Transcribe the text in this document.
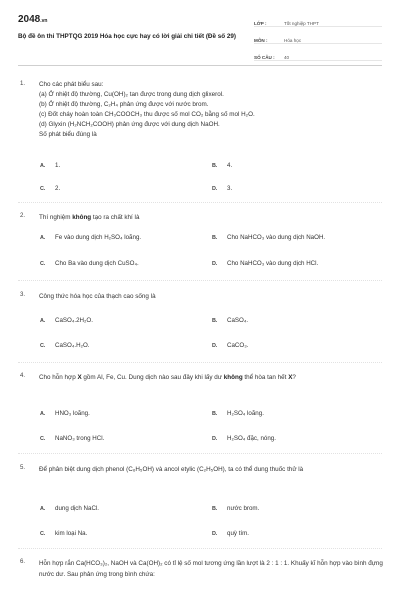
2048.vn
Bộ đề ôn thi THPTQG 2019 Hóa học cực hay có lời giải chi tiết (Đề số 29)
LỚP :	Tốt nghiệp THPT
MÔN :	Hóa học
SỐ CÂU :	40
1. Cho các phát biểu sau:
(a) Ở nhiệt độ thường, Cu(OH)₂ tan được trong dung dịch glixerol.
(b) Ở nhiệt độ thường, C₂H₄ phản ứng được với nước brom.
(c) Đốt cháy hoàn toàn CH₃COOCH₃ thu được số mol CO₂ bằng số mol H₂O.
(d) Glyxin (H₂NCH₂COOH) phản ứng được với dung dịch NaOH.
Số phát biểu đúng là
A. 1.	B. 4.
C. 2.	D. 3.
2. Thí nghiệm không tạo ra chất khí là
A. Fe vào dung dịch H₂SO₄ loãng.	B. Cho NaHCO₃ vào dung dịch NaOH.
C. Cho Ba vào dung dịch CuSO₄.	D. Cho NaHCO₃ vào dung dịch HCl.
3. Công thức hóa học của thạch cao sống là
A. CaSO₄.2H₂O.	B. CaSO₄.
C. CaSO₄.H₂O.	D. CaCO₃.
4. Cho hỗn hợp X gồm Al, Fe, Cu. Dung dịch nào sau đây khi lấy dư không thể hòa tan hết X?
A. HNO₃ loãng.	B. H₂SO₄ loãng.
C. NaNO₃ trong HCl.	D. H₂SO₄ đặc, nóng.
5. Để phân biệt dung dịch phenol (C₆H₅OH) và ancol etylic (C₂H₅OH), ta có thể dung thuốc thử là
A. dung dịch NaCl.	B. nước brom.
C. kim loại Na.	D. quỳ tím.
6. Hỗn hợp rắn Ca(HCO₃)₂, NaOH và Ca(OH)₂ có tỉ lệ số mol tương ứng lần lượt là 2 : 1 : 1. Khuấy kĩ hỗn hợp vào bình đựng nước dư. Sau phản ứng trong bình chứa:
